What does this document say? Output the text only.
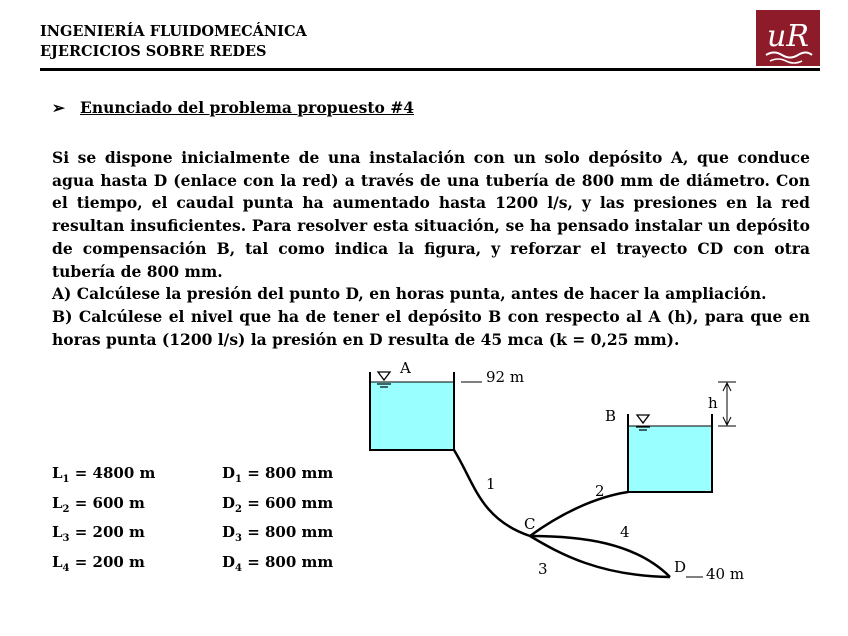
INGENIERÍA FLUIDOMECÁNICA
EJERCICIOS SOBRE REDES	uR
➢ Enunciado del problema propuesto #4

Si se dispone inicialmente de una instalación con un solo depósito A, que conduce agua hasta D (enlace con la red) a través de una tubería de 800 mm de diámetro. Con el tiempo, el caudal punta ha aumentado hasta 1200 l/s, y las presiones en la red resultan insuficientes. Para resolver esta situación, se ha pensado instalar un depósito de compensación B, tal como indica la figura, y reforzar el trayecto CD con otra tubería de 800 mm.

A) Calcúlese la presión del punto D, en horas punta, antes de hacer la ampliación.

B) Calcúlese el nivel que ha de tener el depósito B con respecto al A (h), para que en horas punta (1200 l/s) la presión en D resulta de 45 mca (k = 0,25 mm).

$L_1 = 4800$ m	$D_1 = 800$ mm
$L_2 = 600$ m	$D_2 = 600$ mm
$L_3 = 200$ m	$D_3 = 800$ mm
$L_4 = 200$ m	$D_4 = 800$ mm
A	92 m
B
h
1	2
3
4
C
D 40 m
